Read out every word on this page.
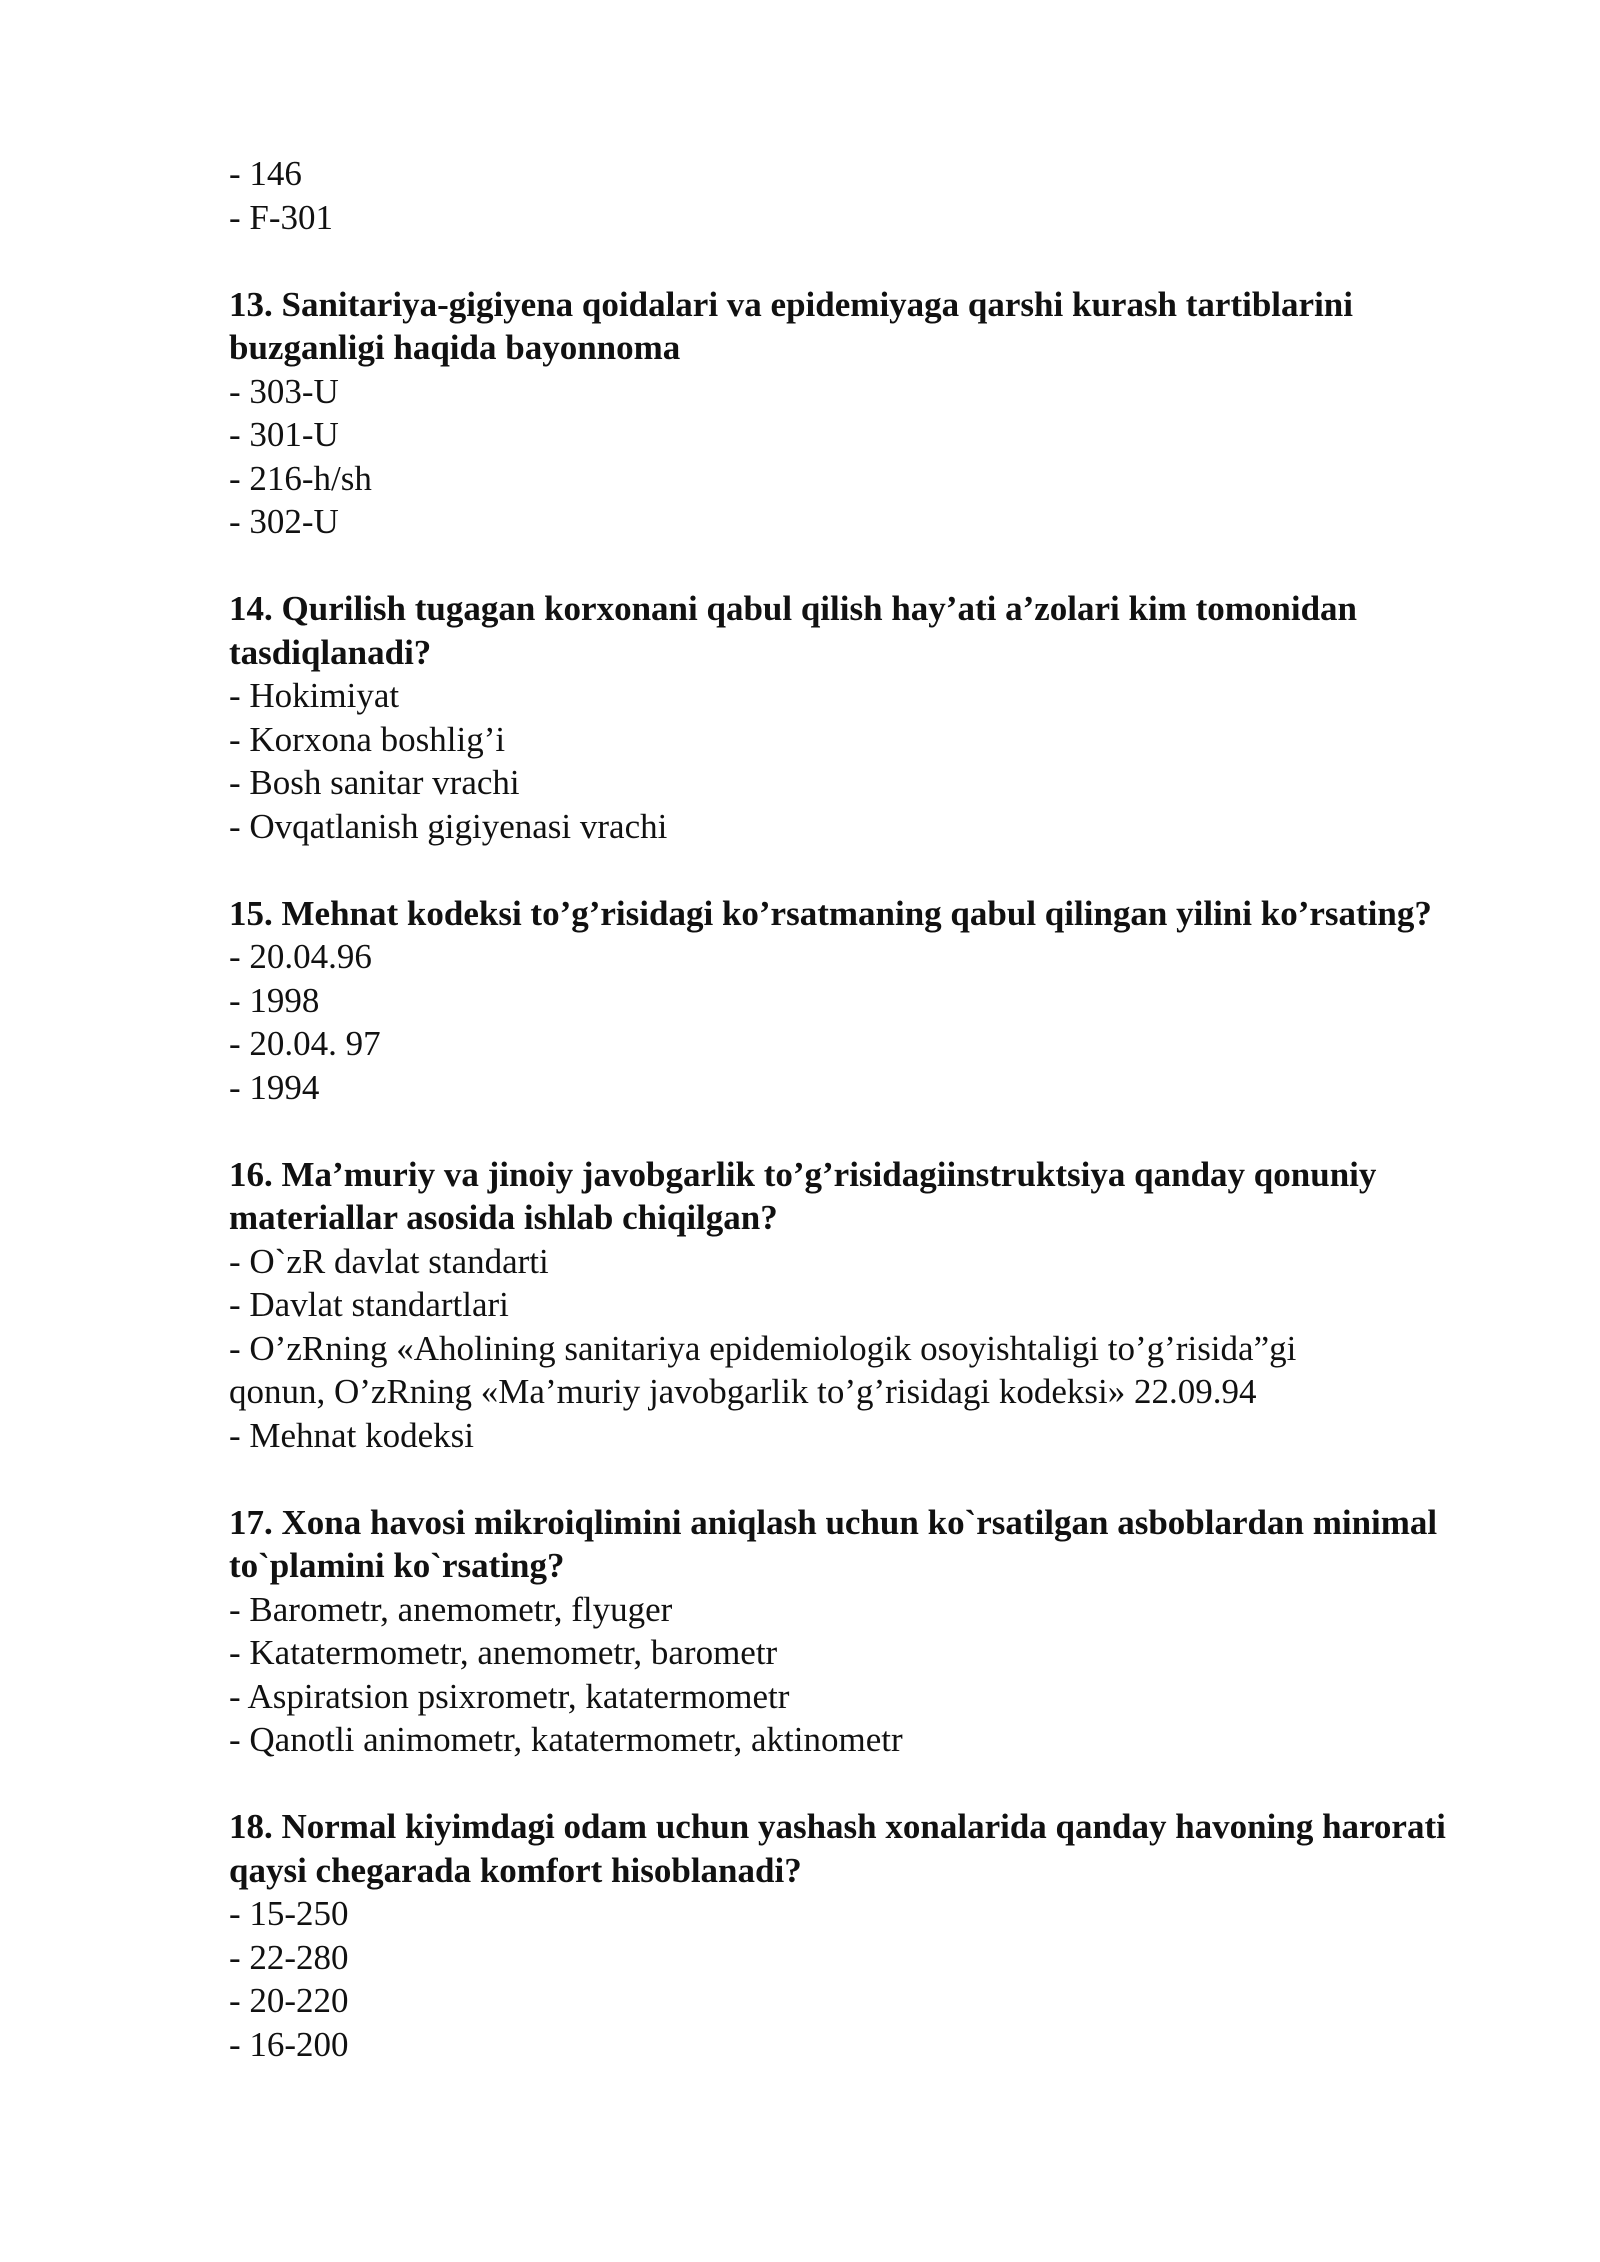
- 146
- F-301
13. Sanitariya-gigiyena qoidalari va epidemiyaga qarshi kurash tartiblarini buzganligi haqida bayonnoma
- 303-U
- 301-U
- 216-h/sh
- 302-U
14. Qurilish tugagan korxonani qabul qilish hay’ati a’zolari kim tomonidan tasdiqlanadi?
- Hokimiyat
- Korxona boshlig’i
- Bosh sanitar vrachi
- Ovqatlanish gigiyenasi vrachi
15. Mehnat kodeksi to’g’risidagi ko’rsatmaning qabul qilingan yilini ko’rsating?
- 20.04.96
- 1998
- 20.04. 97
- 1994
16. Ma’muriy va jinoiy javobgarlik to’g’risidagiinstruktsiya qanday qonuniy materiallar asosida ishlab chiqilgan?
- O`zR davlat standarti
- Davlat standartlari
- O’zRning «Aholining sanitariya epidemiologik osoyishtaligi to’g’risida”gi
qonun, O’zRning «Ma’muriy javobgarlik to’g’risidagi kodeksi» 22.09.94
- Mehnat kodeksi
17. Xona havosi mikroiqlimini aniqlash uchun ko`rsatilgan asboblardan minimal to`plamini ko`rsating?
- Barometr, anemometr, flyuger
- Katatermometr, anemometr, barometr
- Aspiratsion psixrometr, katatermometr
- Qanotli animometr, katatermometr, aktinometr
18. Normal kiyimdagi odam uchun yashash xonalarida qanday havoning harorati qaysi chegarada komfort hisoblanadi?
- 15-250
- 22-280
- 20-220
- 16-200
